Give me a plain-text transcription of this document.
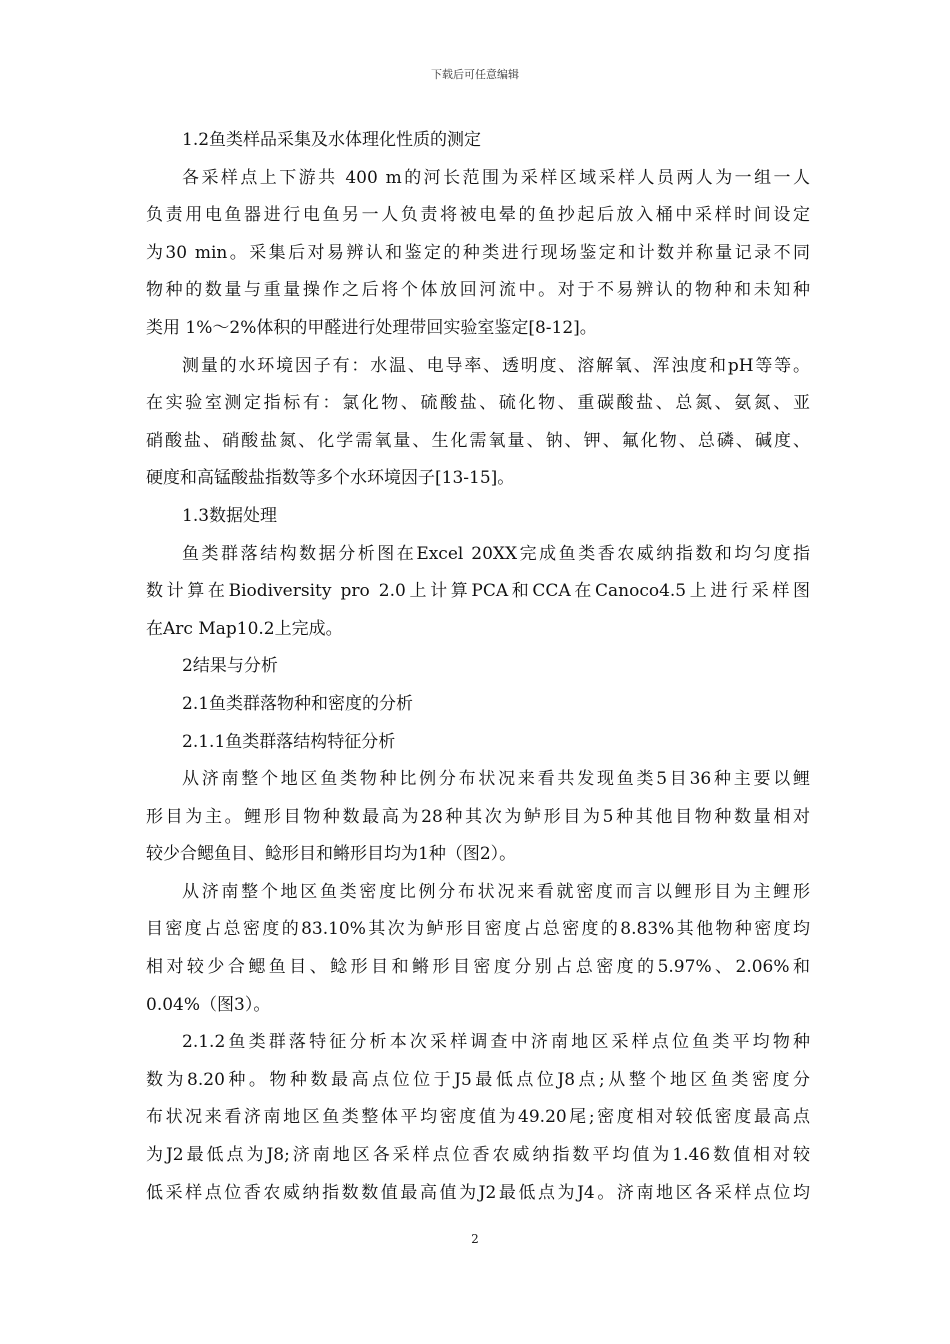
下载后可任意编辑
1.2鱼类样品采集及水体理化性质的测定
各采样点上下游共 400 m的河长范围为采样区域采样人员两人为一组一人
负责用电鱼器进行电鱼另一人负责将被电晕的鱼抄起后放入桶中采样时间设定
为30 min。采集后对易辨认和鉴定的种类进行现场鉴定和计数并称量记录不同
物种的数量与重量操作之后将个体放回河流中。对于不易辨认的物种和未知种
类用 1%～2%体积的甲醛进行处理带回实验室鉴定[8-12]。
测量的水环境因子有：水温、电导率、透明度、溶解氧、浑浊度和pH等等。
在实验室测定指标有：氯化物、硫酸盐、硫化物、重碳酸盐、总氮、氨氮、亚
硝酸盐、硝酸盐氮、化学需氧量、生化需氧量、钠、钾、氟化物、总磷、碱度、
硬度和高锰酸盐指数等多个水环境因子[13-15]。
1.3数据处理
鱼类群落结构数据分析图在Excel 20XX完成鱼类香农威纳指数和均匀度指
数计算在Biodiversity pro 2.0上计算PCA和CCA在Canoco4.5上进行采样图
在Arc Map10.2上完成。
2结果与分析
2.1鱼类群落物种和密度的分析
2.1.1鱼类群落结构特征分析
从济南整个地区鱼类物种比例分布状况来看共发现鱼类5目36种主要以鲤
形目为主。鲤形目物种数最高为28种其次为鲈形目为5种其他目物种数量相对
较少合鳃鱼目、鲶形目和鳉形目均为1种（图2）。
从济南整个地区鱼类密度比例分布状况来看就密度而言以鲤形目为主鲤形
目密度占总密度的83.10%其次为鲈形目密度占总密度的8.83%其他物种密度均
相对较少合鳃鱼目、鲶形目和鳉形目密度分别占总密度的5.97%、2.06%和
0.04%（图3）。
2.1.2鱼类群落特征分析本次采样调查中济南地区采样点位鱼类平均物种
数为8.20种。物种数最高点位位于J5最低点位J8点;从整个地区鱼类密度分
布状况来看济南地区鱼类整体平均密度值为49.20尾;密度相对较低密度最高点
为J2最低点为J8;济南地区各采样点位香农威纳指数平均值为1.46数值相对较
低采样点位香农威纳指数数值最高值为J2最低点为J4。济南地区各采样点位均
2
